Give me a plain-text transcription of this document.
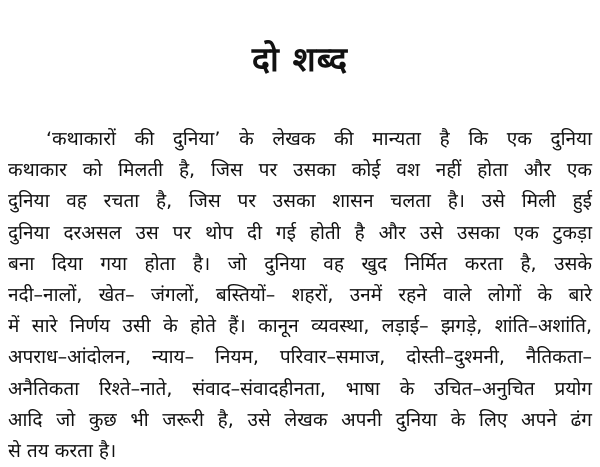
दो शब्द
‘कथाकारों की दुनिया’ के लेखक की मान्यता है कि एक दुनिया
कथाकार को मिलती है, जिस पर उसका कोई वश नहीं होता और एक
दुनिया वह रचता है, जिस पर उसका शासन चलता है। उसे मिली हुई
दुनिया दरअसल उस पर थोप दी गई होती है और उसे उसका एक टुकड़ा
बना दिया गया होता है। जो दुनिया वह खुद निर्मित करता है, उसके
नदी–नालों, खेत– जंगलों, बस्तियों– शहरों, उनमें रहने वाले लोगों के बारे
में सारे निर्णय उसी के होते हैं। कानून व्यवस्था, लड़ाई– झगड़े, शांति–अशांति,
अपराध–आंदोलन, न्याय– नियम, परिवार–समाज, दोस्ती–दुश्मनी, नैतिकता–
अनैतिकता रिश्ते–नाते, संवाद–संवादहीनता, भाषा के उचित–अनुचित प्रयोग
आदि जो कुछ भी जरूरी है, उसे लेखक अपनी दुनिया के लिए अपने ढंग
से तय करता है।
